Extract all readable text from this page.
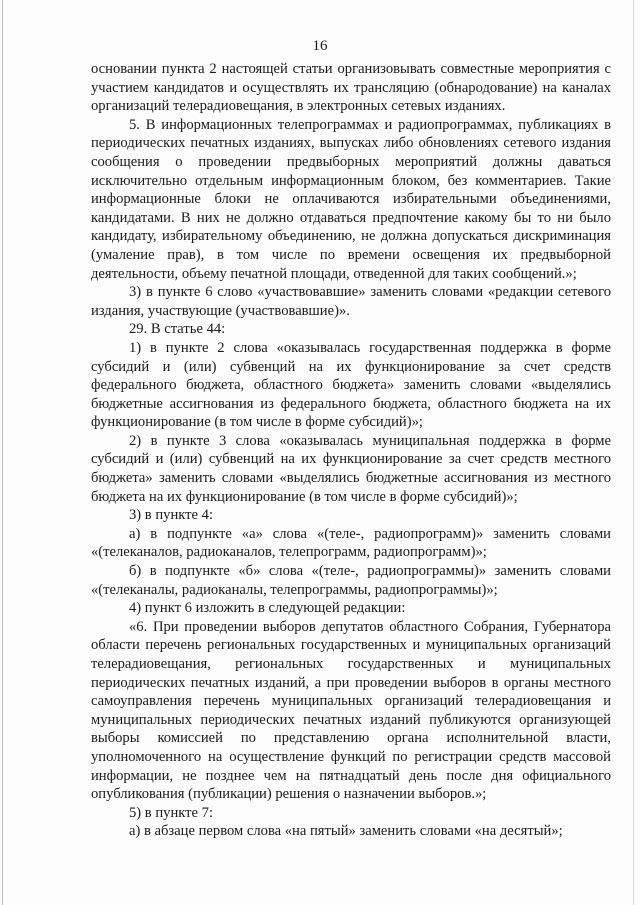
16

основании пункта 2 настоящей статьи организовывать совместные мероприятия с участием кандидатов и осуществлять их трансляцию (обнародование) на каналах организаций телерадиовещания, в электронных сетевых изданиях.

5. В информационных телепрограммах и радиопрограммах, публикациях в периодических печатных изданиях, выпусках либо обновлениях сетевого издания сообщения о проведении предвыборных мероприятий должны даваться исключительно отдельным информационным блоком, без комментариев. Такие информационные блоки не оплачиваются избирательными объединениями, кандидатами. В них не должно отдаваться предпочтение какому бы то ни было кандидату, избирательному объединению, не должна допускаться дискриминация (умаление прав), в том числе по времени освещения их предвыборной деятельности, объему печатной площади, отведенной для таких сообщений.»;

3) в пункте 6 слово «участвовавшие» заменить словами «редакции сетевого издания, участвующие (участвовавшие)».

29. В статье 44:

1) в пункте 2 слова «оказывалась государственная поддержка в форме субсидий и (или) субвенций на их функционирование за счет средств федерального бюджета, областного бюджета» заменить словами «выделялись бюджетные ассигнования из федерального бюджета, областного бюджета на их функционирование (в том числе в форме субсидий)»;

2) в пункте 3 слова «оказывалась муниципальная поддержка в форме субсидий и (или) субвенций на их функционирование за счет средств местного бюджета» заменить словами «выделялись бюджетные ассигнования из местного бюджета на их функционирование (в том числе в форме субсидий)»;

3) в пункте 4:

а) в подпункте «а» слова «(теле-, радиопрограмм)» заменить словами «(телеканалов, радиоканалов, телепрограмм, радиопрограмм)»;

б) в подпункте «б» слова «(теле-, радиопрограммы)» заменить словами «(телеканалы, радиоканалы, телепрограммы, радиопрограммы)»;

4) пункт 6 изложить в следующей редакции:

«6. При проведении выборов депутатов областного Собрания, Губернатора области перечень региональных государственных и муниципальных организаций телерадиовещания, региональных государственных и муниципальных периодических печатных изданий, а при проведении выборов в органы местного самоуправления перечень муниципальных организаций телерадиовещания и муниципальных периодических печатных изданий публикуются организующей выборы комиссией по представлению органа исполнительной власти, уполномоченного на осуществление функций по регистрации средств массовой информации, не позднее чем на пятнадцатый день после дня официального опубликования (публикации) решения о назначении выборов.»;

5) в пункте 7:

а) в абзаце первом слова «на пятый» заменить словами «на десятый»;
